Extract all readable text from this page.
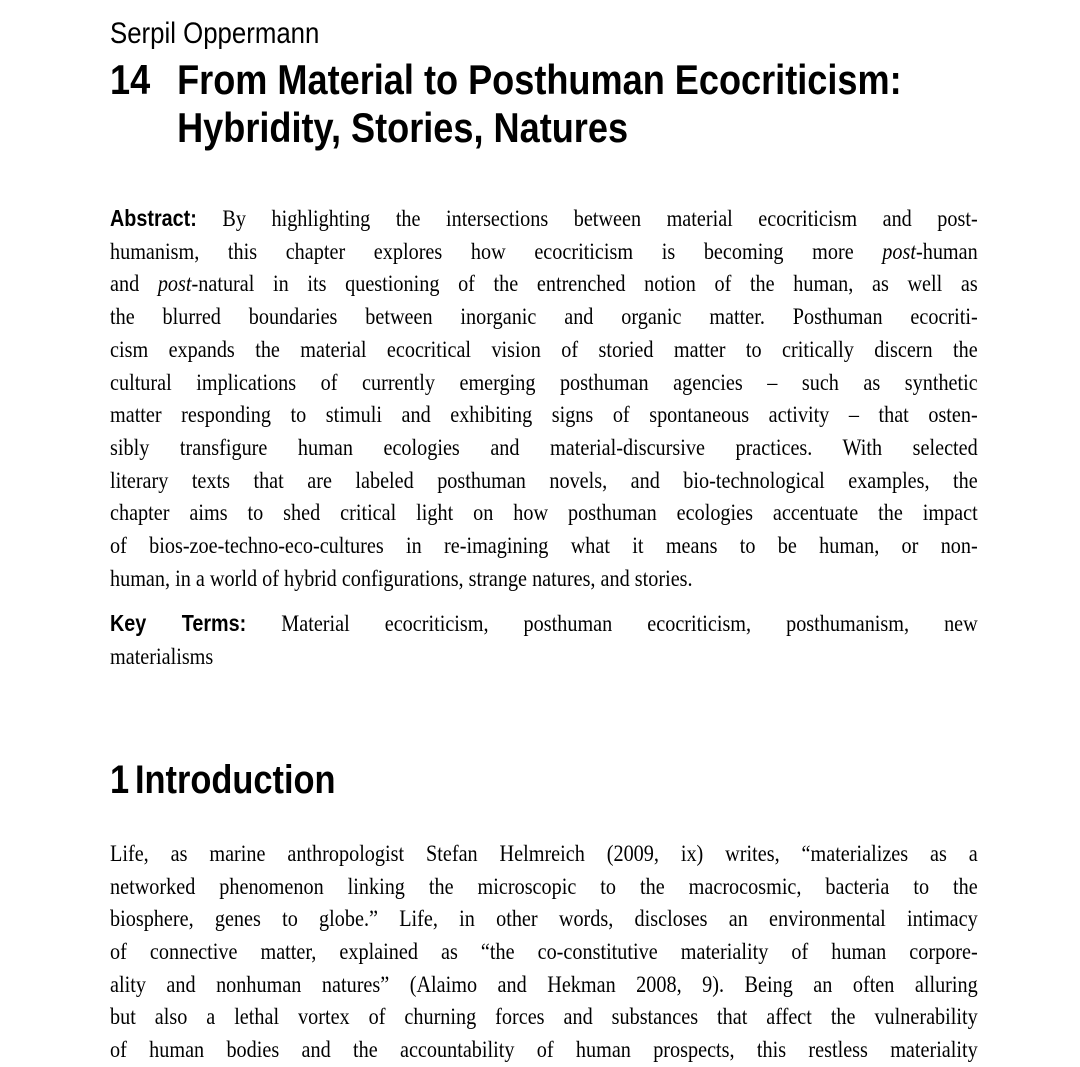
Serpil Oppermann
14 From Material to Posthuman Ecocriticism:
Hybridity, Stories, Natures
Abstract: By highlighting the intersections between material ecocriticism and post-
humanism, this chapter explores how ecocriticism is becoming more post-human
and post-natural in its questioning of the entrenched notion of the human, as well as
the blurred boundaries between inorganic and organic matter. Posthuman ecocriti-
cism expands the material ecocritical vision of storied matter to critically discern the
cultural implications of currently emerging posthuman agencies – such as synthetic
matter responding to stimuli and exhibiting signs of spontaneous activity – that osten-
sibly transfigure human ecologies and material-discursive practices. With selected
literary texts that are labeled posthuman novels, and bio-technological examples, the
chapter aims to shed critical light on how posthuman ecologies accentuate the impact
of bios-zoe-techno-eco-cultures in re-imagining what it means to be human, or non-
human, in a world of hybrid configurations, strange natures, and stories.
Key Terms: Material ecocriticism, posthuman ecocriticism, posthumanism, new
materialisms
1 Introduction
Life, as marine anthropologist Stefan Helmreich (2009, ix) writes, “materializes as a
networked phenomenon linking the microscopic to the macrocosmic, bacteria to the
biosphere, genes to globe.” Life, in other words, discloses an environmental intimacy
of connective matter, explained as “the co-constitutive materiality of human corpore-
ality and nonhuman natures” (Alaimo and Hekman 2008, 9). Being an often alluring
but also a lethal vortex of churning forces and substances that affect the vulnerability
of human bodies and the accountability of human prospects, this restless materiality
